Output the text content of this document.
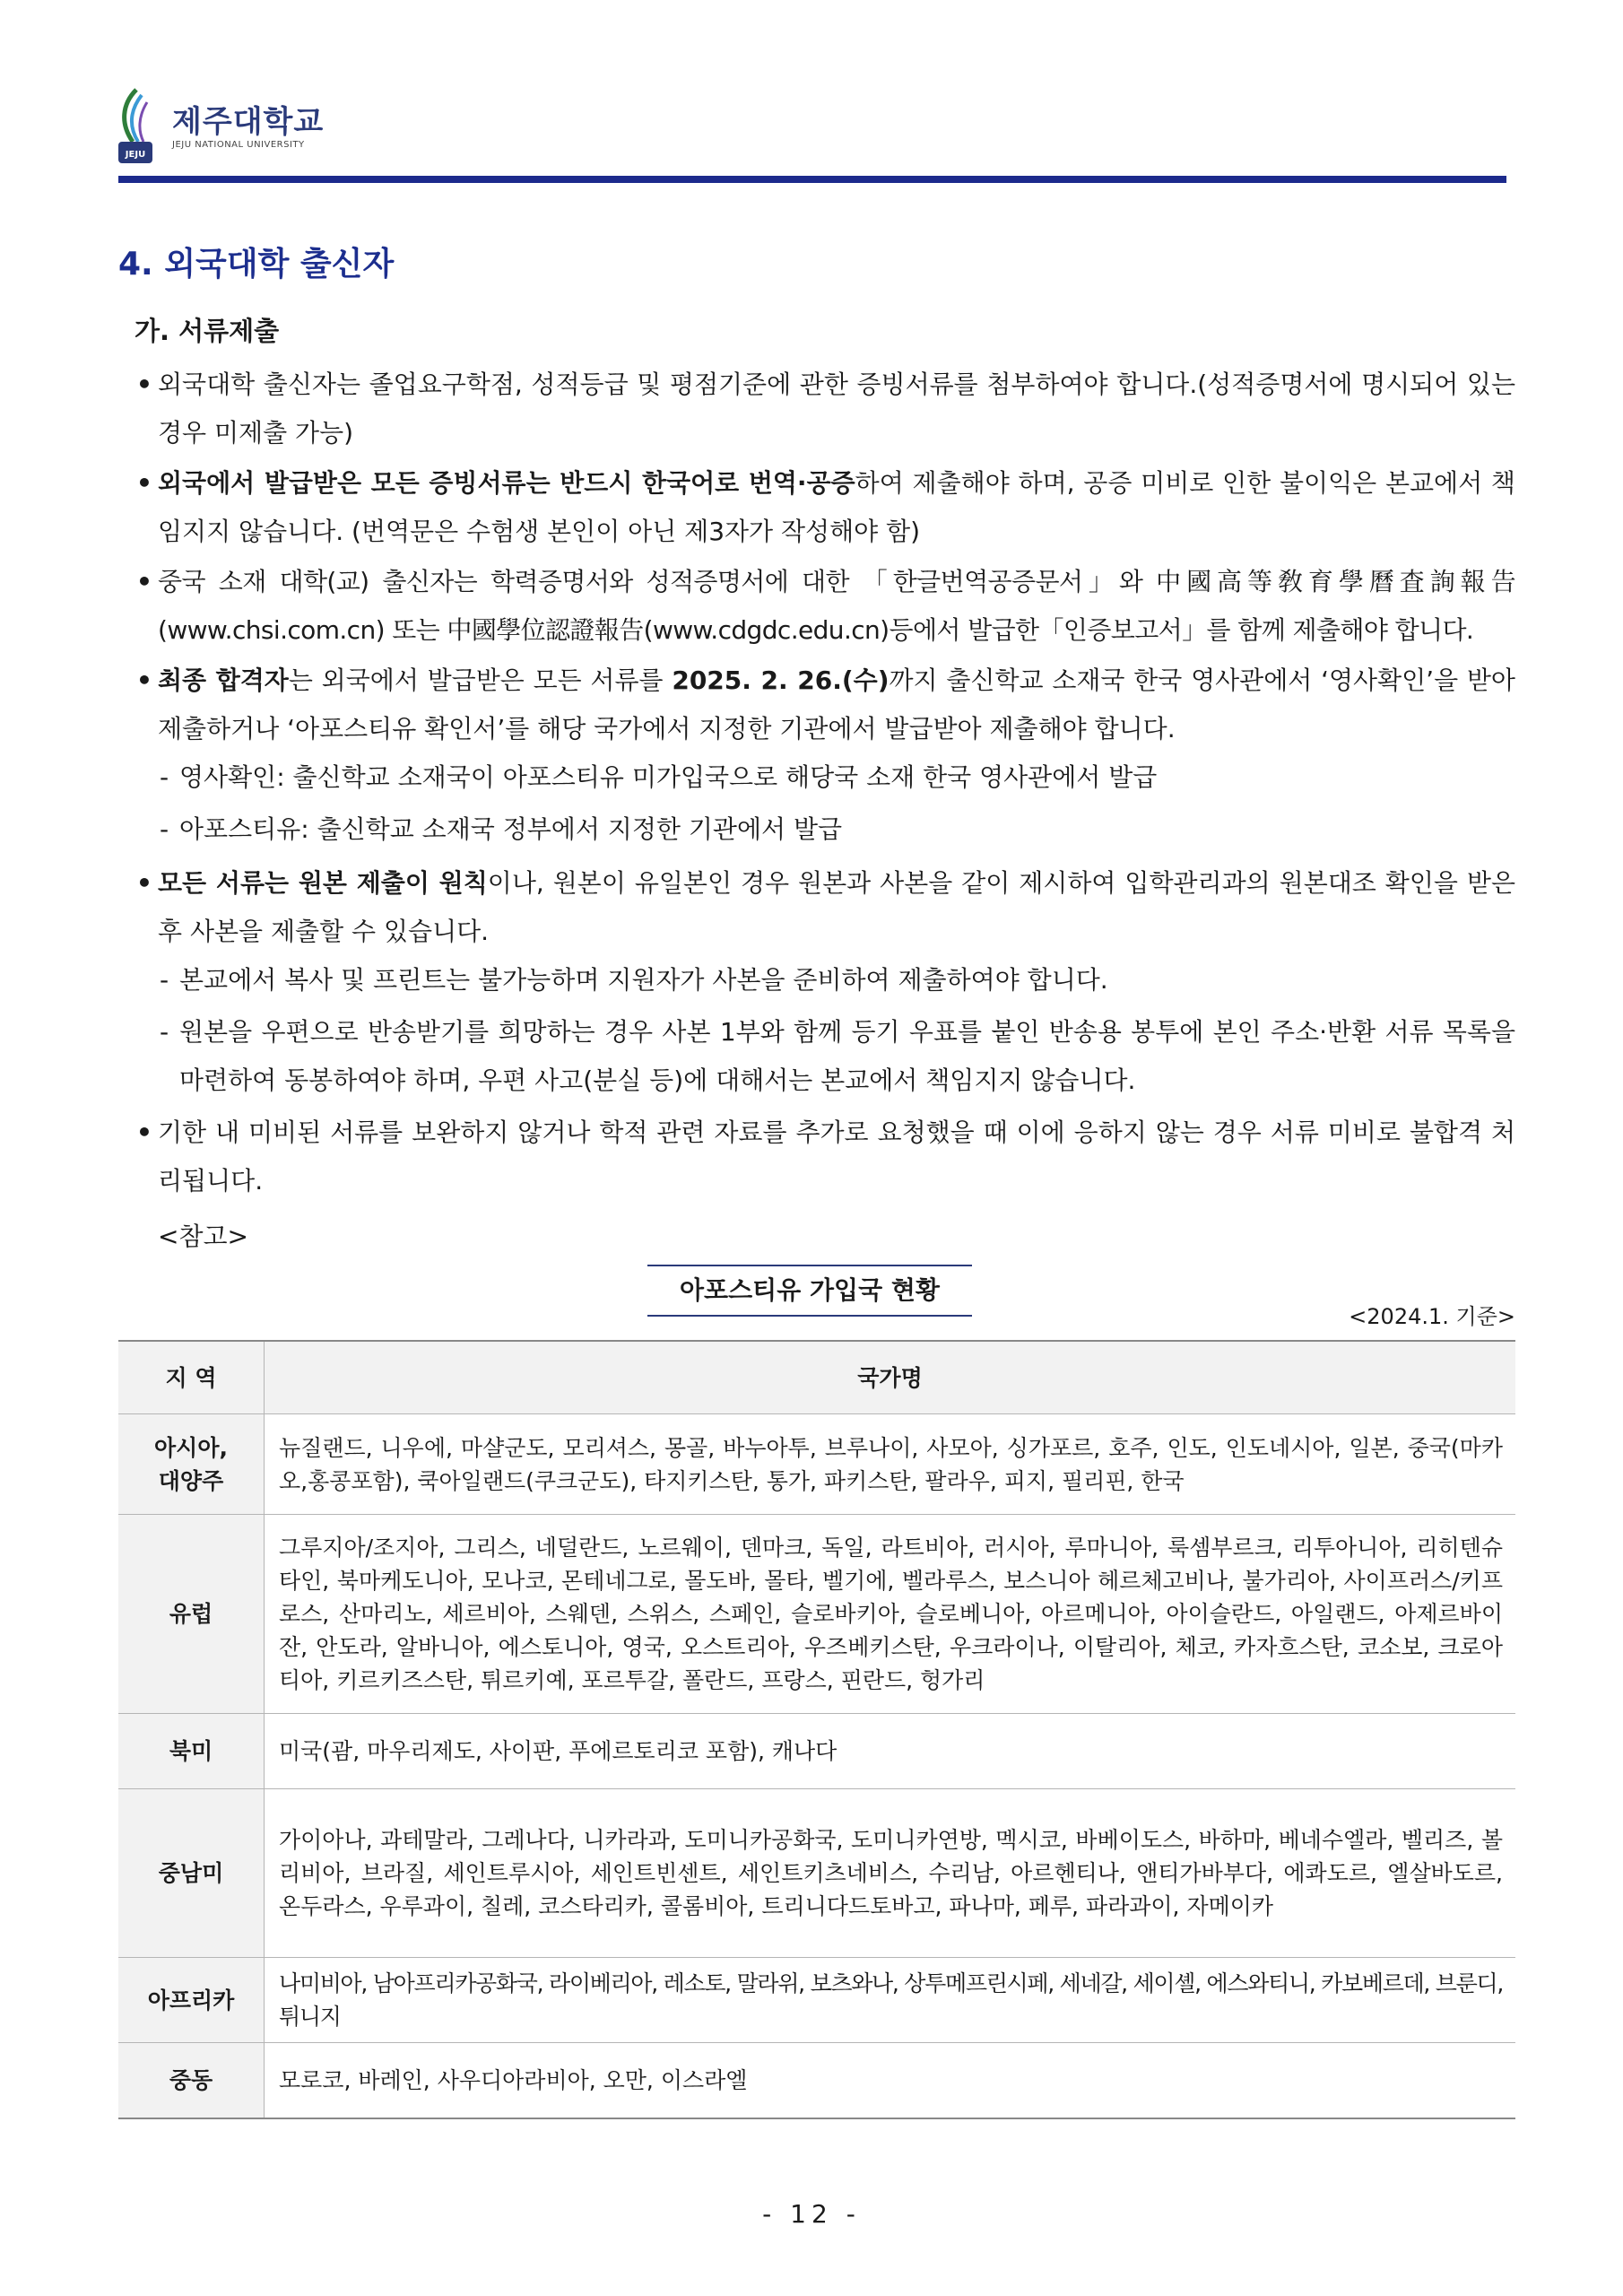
JEJU
제주대학교
JEJU NATIONAL UNIVERSITY
4. 외국대학 출신자
가. 서류제출
• 외국대학 출신자는 졸업요구학점, 성적등급 및 평점기준에 관한 증빙서류를 첨부하여야 합니다.(성적증명서에 명시되어 있는 경우 미제출 가능)
• 외국에서 발급받은 모든 증빙서류는 반드시 한국어로 번역·공증하여 제출해야 하며, 공증 미비로 인한 불이익은 본교에서 책임지지 않습니다. (번역문은 수험생 본인이 아닌 제3자가 작성해야 함)
• 중국 소재 대학(교) 출신자는 학력증명서와 성적증명서에 대한 「한글번역공증문서」와 中國高等敎育學曆査詢報告(www.chsi.com.cn) 또는 中國學位認證報告(www.cdgdc.edu.cn)등에서 발급한「인증보고서」를 함께 제출해야 합니다.
• 최종 합격자는 외국에서 발급받은 모든 서류를 2025. 2. 26.(수)까지 출신학교 소재국 한국 영사관에서 ‘영사확인’을 받아 제출하거나 ‘아포스티유 확인서’를 해당 국가에서 지정한 기관에서 발급받아 제출해야 합니다.
- 영사확인: 출신학교 소재국이 아포스티유 미가입국으로 해당국 소재 한국 영사관에서 발급
- 아포스티유: 출신학교 소재국 정부에서 지정한 기관에서 발급
• 모든 서류는 원본 제출이 원칙이나, 원본이 유일본인 경우 원본과 사본을 같이 제시하여 입학관리과의 원본대조 확인을 받은 후 사본을 제출할 수 있습니다.
- 본교에서 복사 및 프린트는 불가능하며 지원자가 사본을 준비하여 제출하여야 합니다.
- 원본을 우편으로 반송받기를 희망하는 경우 사본 1부와 함께 등기 우표를 붙인 반송용 봉투에 본인 주소·반환 서류 목록을 마련하여 동봉하여야 하며, 우편 사고(분실 등)에 대해서는 본교에서 책임지지 않습니다.
• 기한 내 미비된 서류를 보완하지 않거나 학적 관련 자료를 추가로 요청했을 때 이에 응하지 않는 경우 서류 미비로 불합격 처리됩니다.
<참고>
아포스티유 가입국 현황
<2024.1. 기준>
지 역	국가명
아시아,
대양주	뉴질랜드, 니우에, 마샬군도, 모리셔스, 몽골, 바누아투, 브루나이, 사모아, 싱가포르, 호주, 인도, 인도네시아, 일본, 중국(마카오,홍콩포함), 쿡아일랜드(쿠크군도), 타지키스탄, 통가, 파키스탄, 팔라우, 피지, 필리핀, 한국
유럽	그루지아/조지아, 그리스, 네덜란드, 노르웨이, 덴마크, 독일, 라트비아, 러시아, 루마니아, 룩셈부르크, 리투아니아, 리히텐슈타인, 북마케도니아, 모나코, 몬테네그로, 몰도바, 몰타, 벨기에, 벨라루스, 보스니아 헤르체고비나, 불가리아, 사이프러스/키프로스, 산마리노, 세르비아, 스웨덴, 스위스, 스페인, 슬로바키아, 슬로베니아, 아르메니아, 아이슬란드, 아일랜드, 아제르바이잔, 안도라, 알바니아, 에스토니아, 영국, 오스트리아, 우즈베키스탄, 우크라이나, 이탈리아, 체코, 카자흐스탄, 코소보, 크로아티아, 키르키즈스탄, 튀르키예, 포르투갈, 폴란드, 프랑스, 핀란드, 헝가리
북미	미국(괌, 마우리제도, 사이판, 푸에르토리코 포함), 캐나다
중남미	가이아나, 과테말라, 그레나다, 니카라과, 도미니카공화국, 도미니카연방, 멕시코, 바베이도스, 바하마, 베네수엘라, 벨리즈, 볼리비아, 브라질, 세인트루시아, 세인트빈센트, 세인트키츠네비스, 수리남, 아르헨티나, 앤티가바부다, 에콰도르, 엘살바도르, 온두라스, 우루과이, 칠레, 코스타리카, 콜롬비아, 트리니다드토바고, 파나마, 페루, 파라과이, 자메이카
아프리카	나미비아, 남아프리카공화국, 라이베리아, 레소토, 말라위, 보츠와나, 상투메프린시페, 세네갈, 세이셸, 에스와티니, 카보베르데, 브룬디, 튀니지
중동	모로코, 바레인, 사우디아라비아, 오만, 이스라엘
- 12 -
